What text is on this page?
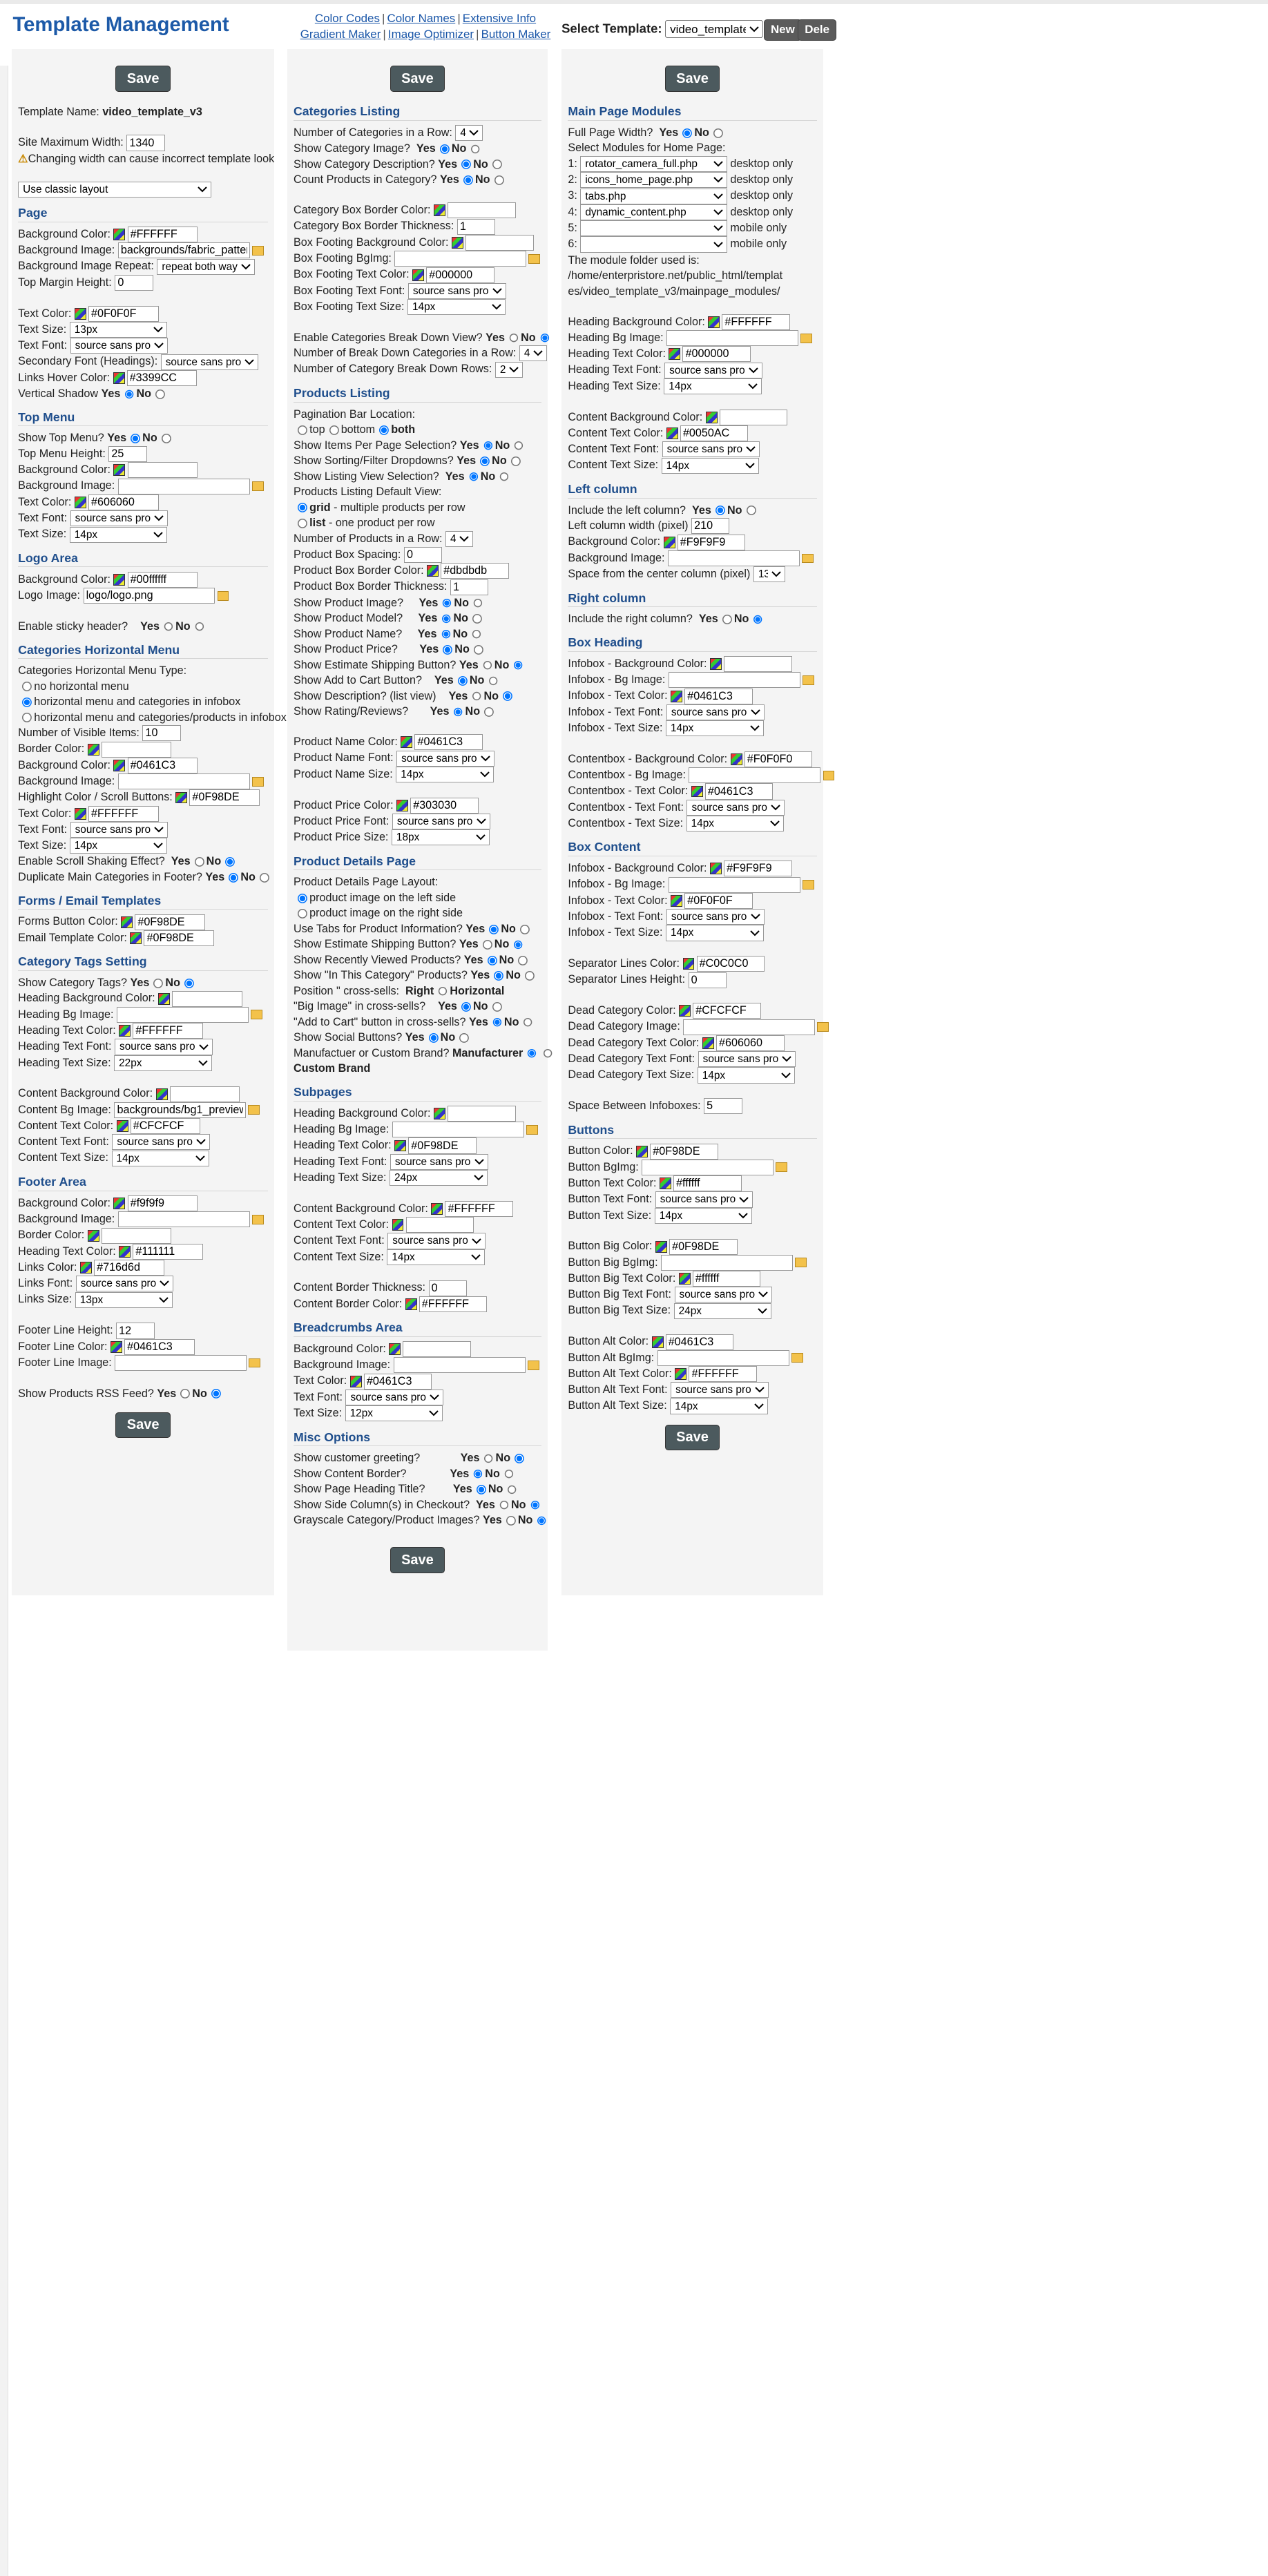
Template Management	Color Codes | Color Names | Extensive Info
Gradient Maker | Image Optimizer | Button Maker Select Template:
video_template_v3	New	Dele
Save
Template Name: video_template_v3
Site Maximum Width: 1340
⚠Changing width can cause incorrect template look
Use classic layout
Page
Background Color: #FFFFFF
Background Image: backgrounds/fabric_pattern.jp
Background Image Repeat:
repeat both ways
Top Margin Height: 0
Text Color: #0F0F0F
Text Size:
13px
Text Font:
source sans pro
Secondary Font (Headings):
source sans pro
Links Hover Color: #3399CC
Vertical Shadow Yes No
Top Menu
Show Top Menu? Yes No
Top Menu Height: 25
Background Color:
Background Image:
Text Color: #606060
Text Font:
source sans pro
Text Size:
14px
Logo Area
Background Color: #00ffffff
Logo Image: logo/logo.png
Enable sticky header? Yes No
Categories Horizontal Menu
Categories Horizontal Menu Type:
no horizontal menu
horizontal menu and categories in infobox
horizontal menu and categories/products in infobox
Number of Visible Items: 10
Border Color:
Background Color: #0461C3
Background Image:
Highlight Color / Scroll Buttons: #0F98DE
Text Color: #FFFFFF
Text Font:
source sans pro
Text Size:
14px
Enable Scroll Shaking Effect? Yes No
Duplicate Main Categories in Footer? Yes No
Forms / Email Templates
Forms Button Color: #0F98DE
Email Template Color: #0F98DE
Category Tags Setting
Show Category Tags? Yes No
Heading Background Color:
Heading Bg Image:
Heading Text Color: #FFFFFF
Heading Text Font:
source sans pro
Heading Text Size:
22px
Content Background Color:
Content Bg Image: backgrounds/bg1_preview.pn
Content Text Color: #CFCFCF
Content Text Font:
source sans pro
Content Text Size:
14px
Footer Area
Background Color: #f9f9f9
Background Image:
Border Color:
Heading Text Color: #111111
Links Color: #716d6d
Links Font:
source sans pro
Links Size:
13px
Footer Line Height: 12
Footer Line Color: #0461C3
Footer Line Image:
Show Products RSS Feed? Yes No
Save
Save
Categories Listing
Number of Categories in a Row:
4
Show Category Image? Yes No
Show Category Description? Yes No
Count Products in Category? Yes No
Category Box Border Color:
Category Box Border Thickness: 1
Box Footing Background Color:
Box Footing BgImg:
Box Footing Text Color: #000000
Box Footing Text Font:
source sans pro
Box Footing Text Size:
14px
Enable Categories Break Down View? Yes No
Number of Break Down Categories in a Row:
4
Number of Category Break Down Rows:
2
Products Listing
Pagination Bar Location:
top bottom both
Show Items Per Page Selection? Yes No
Show Sorting/Filter Dropdowns? Yes No
Show Listing View Selection? Yes No
Products Listing Default View:
grid - multiple products per row
list - one product per row
Number of Products in a Row:
4
Product Box Spacing: 0
Product Box Border Color: #dbdbdb
Product Box Border Thickness: 1
Show Product Image? Yes No
Show Product Model? Yes No
Show Product Name? Yes No
Show Product Price?	Yes No
Show Estimate Shipping Button? Yes No
Show Add to Cart Button? Yes No
Show Description? (list view) Yes No
Show Rating/Reviews?	Yes No
Product Name Color: #0461C3
Product Name Font:
source sans pro
Product Name Size:
14px
Product Price Color: #303030
Product Price Font:
source sans pro
Product Price Size:
18px
Product Details Page
Product Details Page Layout:
product image on the left side
product image on the right side
Use Tabs for Product Information? Yes No
Show Estimate Shipping Button? Yes No
Show Recently Viewed Products? Yes No
Show "In This Category" Products? Yes No
Position " cross-sells: Right Horizontal
"Big Image" in cross-sells? Yes No
"Add to Cart" button in cross-sells? Yes No
Show Social Buttons? Yes No
Manufactuer or Custom Brand? Manufacturer
Custom Brand
Subpages
Heading Background Color:
Heading Bg Image:
Heading Text Color: #0F98DE
Heading Text Font:
source sans pro
Heading Text Size:
24px
Content Background Color: #FFFFFF
Content Text Color:
Content Text Font:
source sans pro
Content Text Size:
14px
Content Border Thickness: 0
Content Border Color: #FFFFFF
Breadcrumbs Area
Background Color:
Background Image:
Text Color: #0461C3
Text Font:
source sans pro
Text Size:
12px
Misc Options
Show customer greeting?	Yes No
Show Content Border?	Yes No
Show Page Heading Title?	Yes No
Show Side Column(s) in Checkout? Yes No
Grayscale Category/Product Images? Yes No
Save
Save
Main Page Modules
Full Page Width? Yes No
Select Modules for Home Page:
1:
rotator_camera_full.php	desktop only
2:
icons_home_page.php	desktop only
3:
tabs.php	desktop only
4:
dynamic_content.php	desktop only
5:	mobile only
6:	mobile only
The module folder used is:
/home/enterpristore.net/public_html/templat
es/video_template_v3/mainpage_modules/
Heading Background Color: #FFFFFF
Heading Bg Image:
Heading Text Color: #000000
Heading Text Font:
source sans pro
Heading Text Size:
14px
Content Background Color:
Content Text Color: #0050AC
Content Text Font:
source sans pro
Content Text Size:
14px
Left column
Include the left column? Yes No
Left column width (pixel) 210
Background Color: #F9F9F9
Background Image:
Space from the center column (pixel)
13
Right column
Include the right column? Yes No
Box Heading
Infobox - Background Color:
Infobox - Bg Image:
Infobox - Text Color: #0461C3
Infobox - Text Font:
source sans pro
Infobox - Text Size:
14px
Contentbox - Background Color: #F0F0F0
Contentbox - Bg Image:
Contentbox - Text Color: #0461C3
Contentbox - Text Font:
source sans pro
Contentbox - Text Size:
14px
Box Content
Infobox - Background Color: #F9F9F9
Infobox - Bg Image:
Infobox - Text Color: #0F0F0F
Infobox - Text Font:
source sans pro
Infobox - Text Size:
14px
Separator Lines Color: #C0C0C0
Separator Lines Height: 0
Dead Category Color: #CFCFCF
Dead Category Image:
Dead Category Text Color: #606060
Dead Category Text Font:
source sans pro
Dead Category Text Size:
14px
Space Between Infoboxes: 5
Buttons
Button Color: #0F98DE
Button BgImg:
Button Text Color: #ffffff
Button Text Font:
source sans pro
Button Text Size:
14px
Button Big Color: #0F98DE
Button Big BgImg:
Button Big Text Color: #ffffff
Button Big Text Font:
source sans pro
Button Big Text Size:
24px
Button Alt Color: #0461C3
Button Alt BgImg:
Button Alt Text Color: #FFFFFF
Button Alt Text Font:
source sans pro
Button Alt Text Size:
14px
Save
